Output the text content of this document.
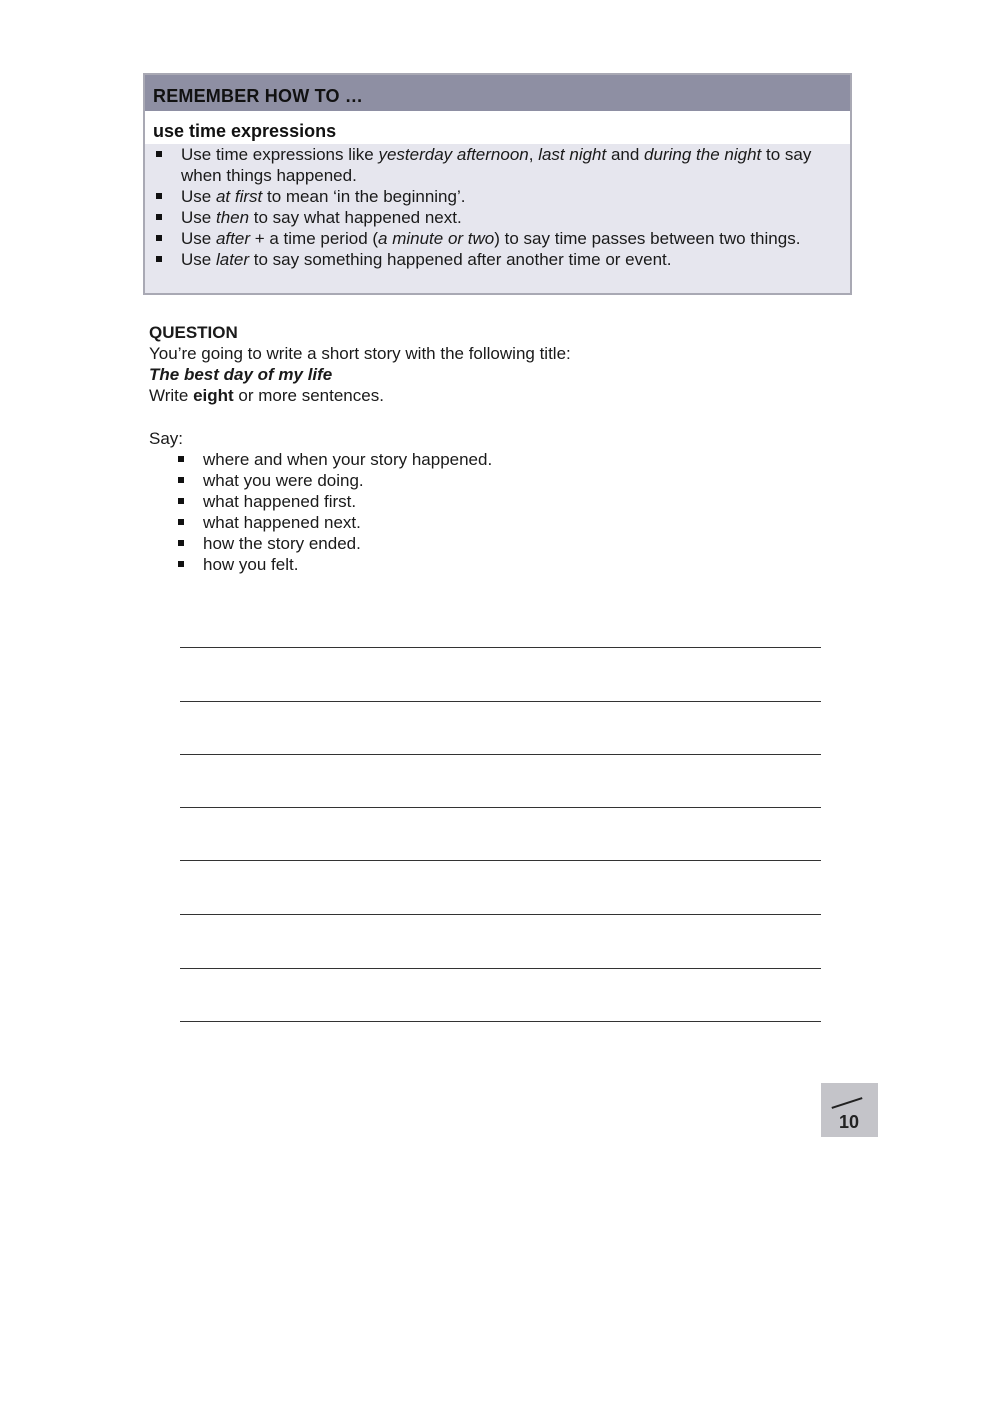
REMEMBER HOW TO …
use time expressions
Use time expressions like yesterday afternoon, last night and during the night to say when things happened.
Use at first to mean ‘in the beginning’.
Use then to say what happened next.
Use after + a time period (a minute or two) to say time passes between two things.
Use later to say something happened after another time or event.
QUESTION
You’re going to write a short story with the following title:
The best day of my life
Write eight or more sentences.
Say:
where and when your story happened.
what you were doing.
what happened first.
what happened next.
how the story ended.
how you felt.
10
